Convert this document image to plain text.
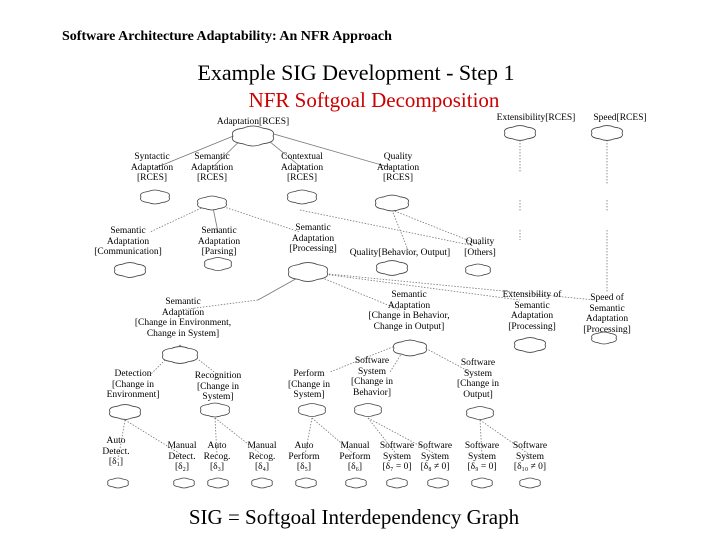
Software Architecture Adaptability: An NFR Approach
Example SIG Development - Step 1
NFR Softgoal Decomposition
Adaptation[RCES]	Extensibility[RCES] Speed[RCES]
Syntactic
Adaptation
[RCES]
Semantic
Adaptation
[RCES]
Contextual
Adaptation
[RCES]
Quality
Adaptation
[RCES]
Semantic
Adaptation
[Communication]
Semantic
Adaptation
[Parsing]
Semantic
Adaptation
[Processing] Quality[Behavior, Output]
Quality
[Others]
Semantic
Adaptation
[Change in Environment,
Change in System]
Semantic
Adaptation
[Change in Behavior,
Change in Output]
Extensibility of
Semantic
Adaptation
[Processing]
Speed of
Semantic
Adaptation
[Processing]
Detection
[Change in
Environment]
Recognition
[Change in
System]
Perform
[Change in
System]
Software
System
[Change in
Behavior]
Software
System
[Change in
Output]
Auto
Detect.
[δ₁]
Manual
Detect.
[δ₂]
Auto
Recog.
[δ₃]
Manual
Recog.
[δ₄]
Auto
Perform
[δ₅]
Manual
Perform
[δ₆]
Software
System
[δ₇ = 0]
Software
System
[δ₈ ≠ 0]
Software
System
[δ₉ = 0]
Software
System
[δ₁₀ ≠ 0]
SIG = Softgoal Interdependency Graph
